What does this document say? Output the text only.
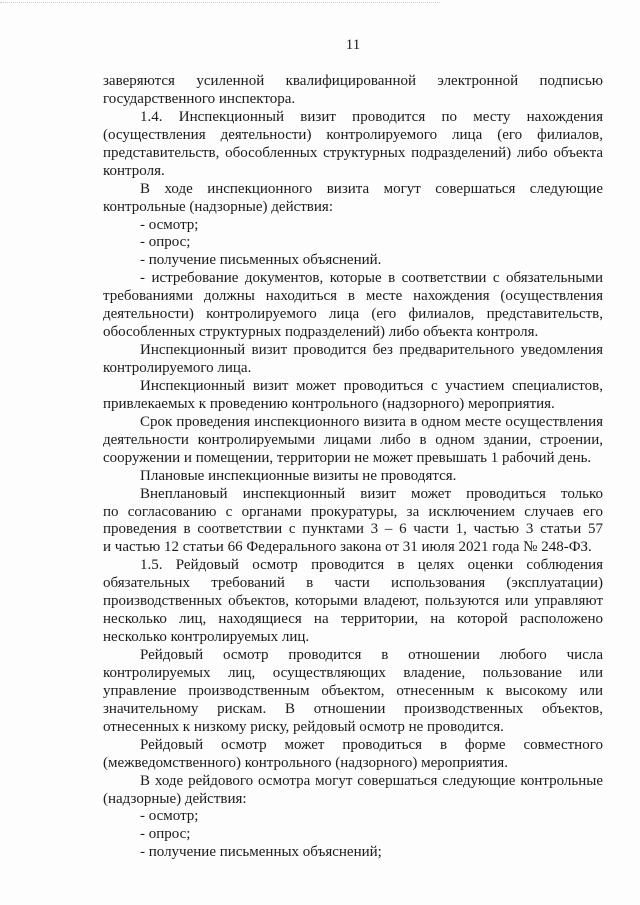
11
заверяются усиленной квалифицированной электронной подписью
государственного инспектора.
1.4. Инспекционный визит проводится по месту нахождения
(осуществления деятельности) контролируемого лица (его филиалов,
представительств, обособленных структурных подразделений) либо объекта
контроля.
В ходе инспекционного визита могут совершаться следующие
контрольные (надзорные) действия:
- осмотр;
- опрос;
- получение письменных объяснений.
- истребование документов, которые в соответствии с обязательными
требованиями должны находиться в месте нахождения (осуществления
деятельности) контролируемого лица (его филиалов, представительств,
обособленных структурных подразделений) либо объекта контроля.
Инспекционный визит проводится без предварительного уведомления
контролируемого лица.
Инспекционный визит может проводиться с участием специалистов,
привлекаемых к проведению контрольного (надзорного) мероприятия.
Срок проведения инспекционного визита в одном месте осуществления
деятельности контролируемыми лицами либо в одном здании, строении,
сооружении и помещении, территории не может превышать 1 рабочий день.
Плановые инспекционные визиты не проводятся.
Внеплановый инспекционный визит может проводиться только
по согласованию с органами прокуратуры, за исключением случаев его
проведения в соответствии с пунктами 3 – 6 части 1, частью 3 статьи 57
и частью 12 статьи 66 Федерального закона от 31 июля 2021 года № 248-ФЗ.
1.5. Рейдовый осмотр проводится в целях оценки соблюдения
обязательных требований в части использования (эксплуатации)
производственных объектов, которыми владеют, пользуются или управляют
несколько лиц, находящиеся на территории, на которой расположено
несколько контролируемых лиц.
Рейдовый осмотр проводится в отношении любого числа
контролируемых лиц, осуществляющих владение, пользование или
управление производственным объектом, отнесенным к высокому или
значительному рискам. В отношении производственных объектов,
отнесенных к низкому риску, рейдовый осмотр не проводится.
Рейдовый осмотр может проводиться в форме совместного
(межведомственного) контрольного (надзорного) мероприятия.
В ходе рейдового осмотра могут совершаться следующие контрольные
(надзорные) действия:
- осмотр;
- опрос;
- получение письменных объяснений;
